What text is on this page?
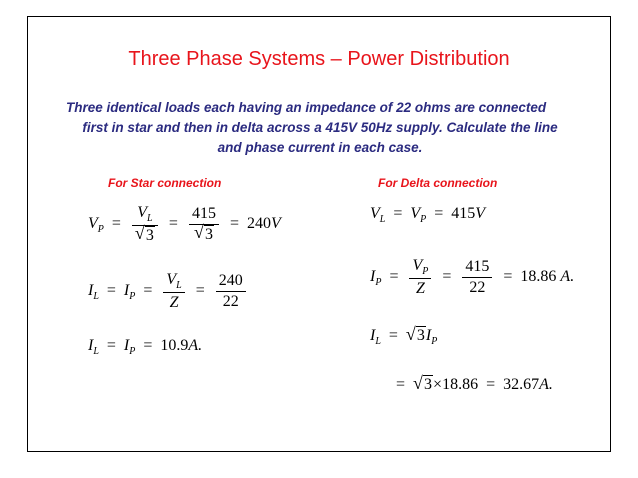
Three Phase Systems – Power Distribution
Three identical loads each having an impedance of 22 ohms are connected
first in star and then in delta across a 415V 50Hz supply. Calculate the line
and phase current in each case.
For Star connection	For Delta connection
$V_P = \frac{V_L}{√ 3} = \frac{415}{√ 3} = 240V$
$I_L = I_P = \frac{V_L}{Z} = \frac{240}{22}$
$I_L = I_P = 10.9A$.
$V_L = V_P = 415V$
$I_P = \frac{V_P}{Z} = \frac{415}{22} = 18.86$ A.
$I_L$ = √ $3I_P$
= √ 3×18.86 = 32.67A.
